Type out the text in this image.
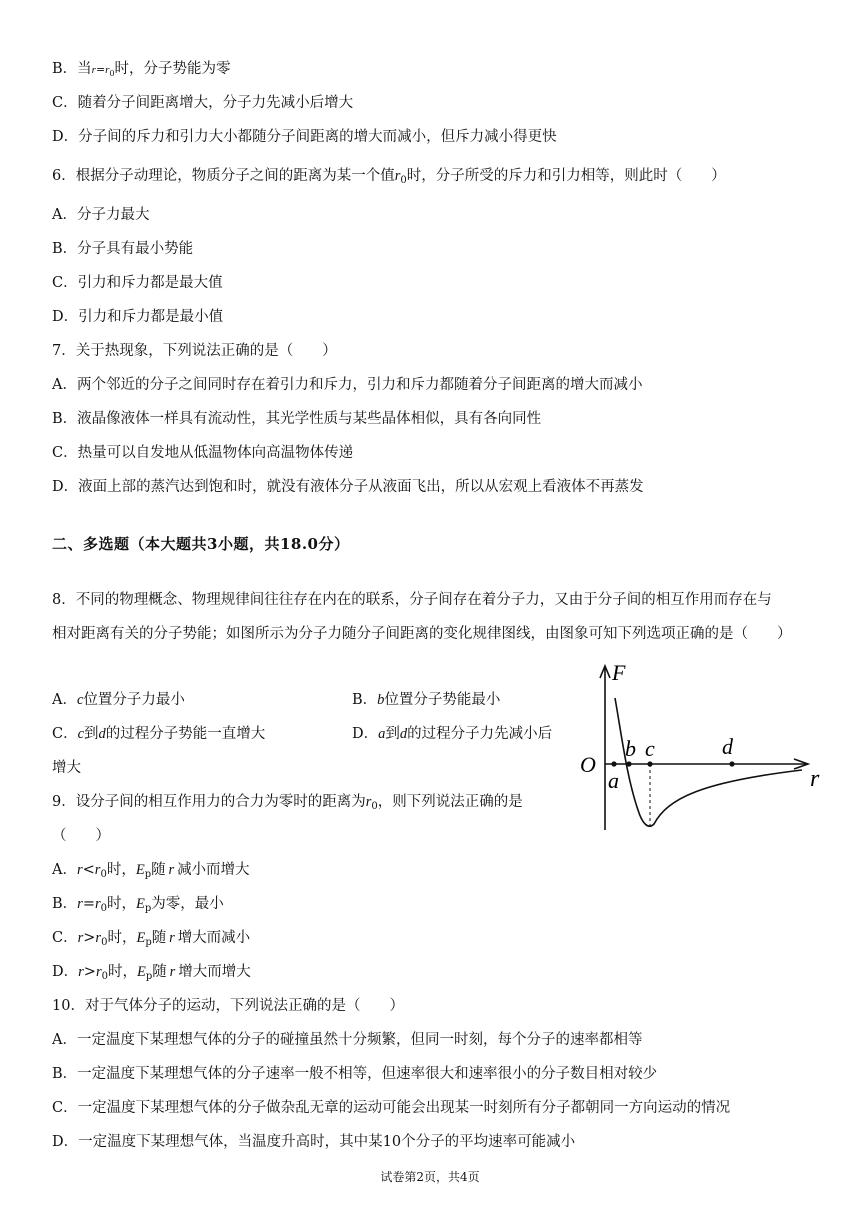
B．当$r=r_0$时，分子势能为零
C．随着分子间距离增大，分子力先减小后增大
D．分子间的斥力和引力大小都随分子间距离的增大而减小，但斥力减小得更快
6．根据分子动理论，物质分子之间的距离为某一个值$r_0$时，分子所受的斥力和引力相等，则此时（　　）
A．分子力最大
B．分子具有最小势能
C．引力和斥力都是最大值
D．引力和斥力都是最小值
7．关于热现象，下列说法正确的是（　　）
A．两个邻近的分子之间同时存在着引力和斥力，引力和斥力都随着分子间距离的增大而减小
B．液晶像液体一样具有流动性，其光学性质与某些晶体相似，具有各向同性
C．热量可以自发地从低温物体向高温物体传递
D．液面上部的蒸汽达到饱和时，就没有液体分子从液面飞出，所以从宏观上看液体不再蒸发
二、多选题（本大题共3小题，共18.0分）
8．不同的物理概念、物理规律间往往存在内在的联系，分子间存在着分子力，又由于分子间的相互作用而存在与
相对距离有关的分子势能；如图所示为分子力随分子间距离的变化规律图线，由图象可知下列选项正确的是（　　）
A．c位置分子力最小	B．b位置分子势能最小
C．c到d的过程分子势能一直增大	D．a到d的过程分子力先减小后
增大
F
r
O
a
b c	d
9．设分子间的相互作用力的合力为零时的距离为$r_0$，则下列说法正确的是
（　　）
A．$r<r_0$时，$E_p$随  r  减小而增大
B．$r=r_0$时，$E_p$为零，最小
C．$r>r_0$时，$E_p$随  r  增大而减小
D．$r>r_0$时，$E_p$随  r  增大而增大
10．对于气体分子的运动，下列说法正确的是（　　）
A．一定温度下某理想气体的分子的碰撞虽然十分频繁，但同一时刻，每个分子的速率都相等
B．一定温度下某理想气体的分子速率一般不相等，但速率很大和速率很小的分子数目相对较少
C．一定温度下某理想气体的分子做杂乱无章的运动可能会出现某一时刻所有分子都朝同一方向运动的情况
D．一定温度下某理想气体，当温度升高时，其中某10个分子的平均速率可能减小
试卷第2页，共4页
